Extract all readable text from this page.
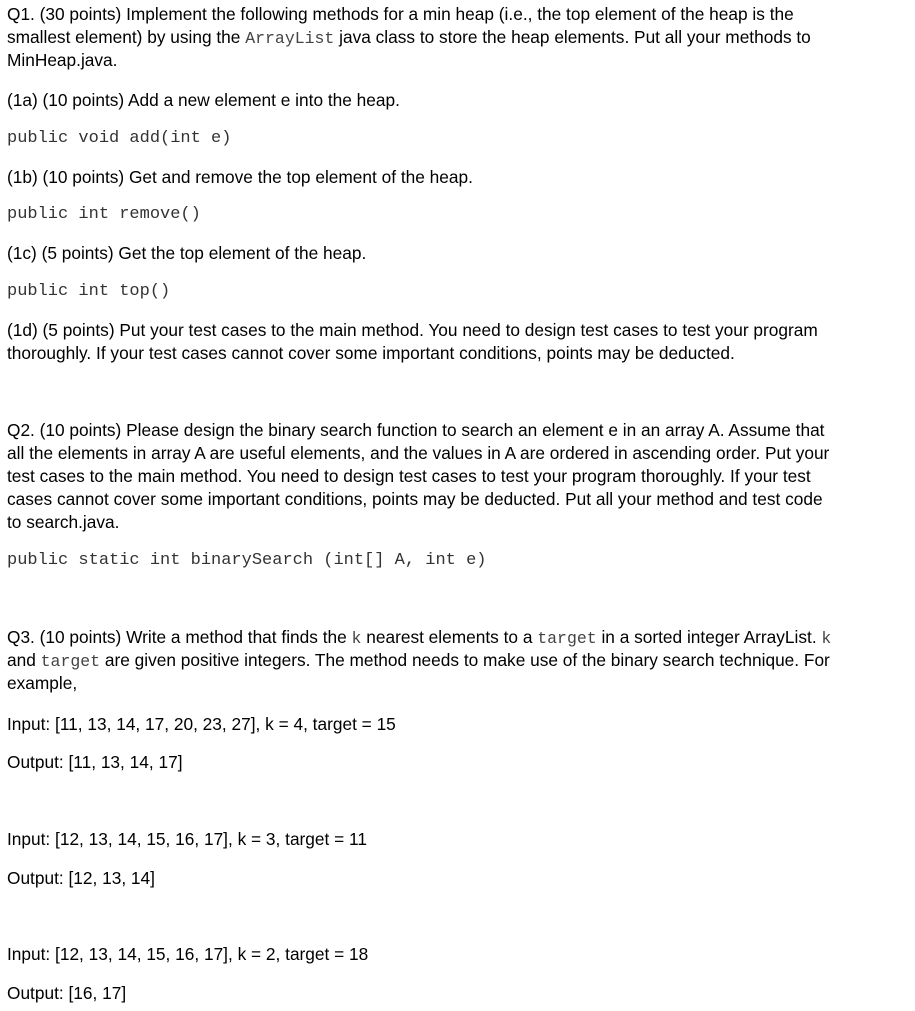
Q1. (30 points) Implement the following methods for a min heap (i.e., the top element of the heap is the
smallest element) by using the ArrayList java class to store the heap elements. Put all your methods to
MinHeap.java.
(1a) (10 points) Add a new element e into the heap.
public void add(int e)
(1b) (10 points) Get and remove the top element of the heap.
public int remove()
(1c) (5 points) Get the top element of the heap.
public int top()
(1d) (5 points) Put your test cases to the main method. You need to design test cases to test your program
thoroughly. If your test cases cannot cover some important conditions, points may be deducted.
Q2. (10 points) Please design the binary search function to search an element e in an array A. Assume that
all the elements in array A are useful elements, and the values in A are ordered in ascending order. Put your
test cases to the main method. You need to design test cases to test your program thoroughly. If your test
cases cannot cover some important conditions, points may be deducted. Put all your method and test code
to search.java.
public static int binarySearch (int[] A, int e)
Q3. (10 points) Write a method that finds the k nearest elements to a target in a sorted integer ArrayList. k
and target are given positive integers. The method needs to make use of the binary search technique. For
example,
Input: [11, 13, 14, 17, 20, 23, 27], k = 4, target = 15
Output: [11, 13, 14, 17]
Input: [12, 13, 14, 15, 16, 17], k = 3, target = 11
Output: [12, 13, 14]
Input: [12, 13, 14, 15, 16, 17], k = 2, target = 18
Output: [16, 17]
